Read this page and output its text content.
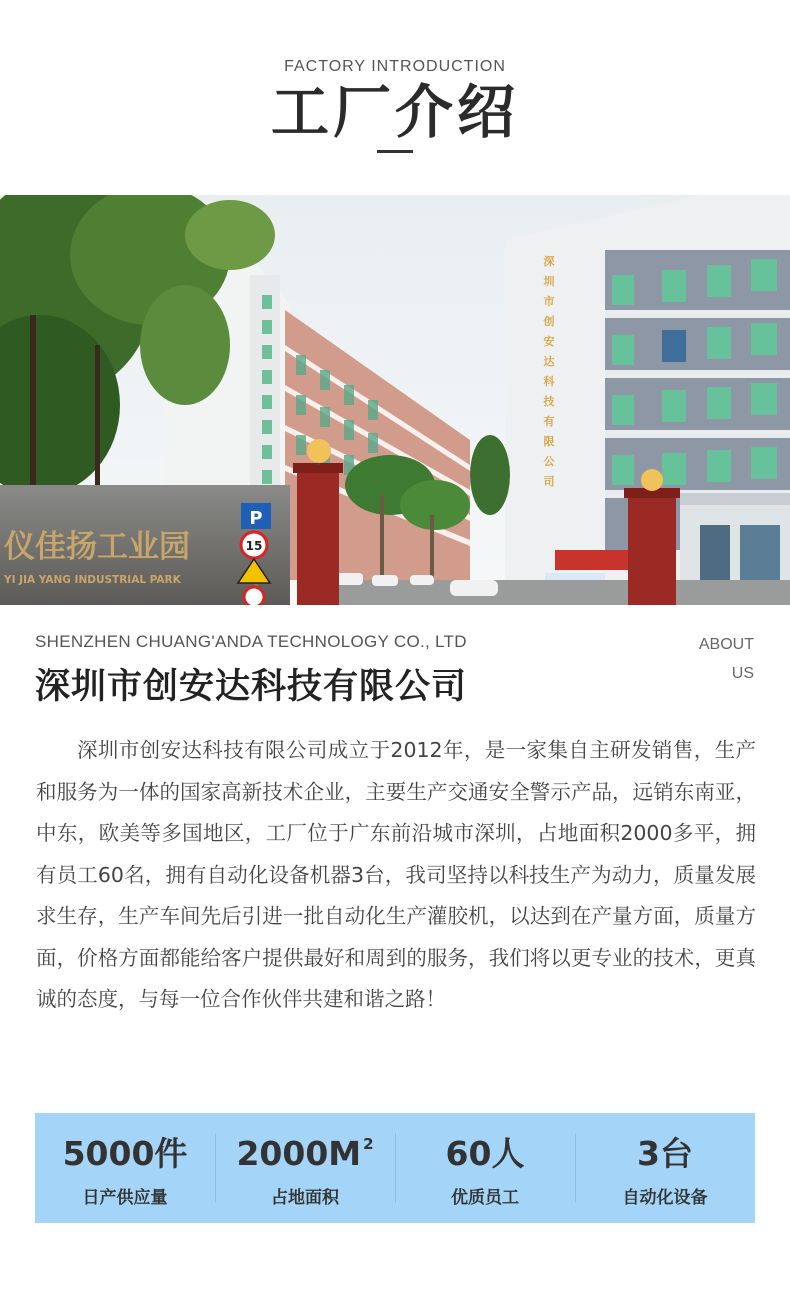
FACTORY INTRODUCTION
工厂介绍
深
圳
市
创
安
达
科
技
有
限
公
司
仪佳扬工业园
YI JIA YANG INDUSTRIAL PARK
P
15
SHENZHEN CHUANG'ANDA TECHNOLOGY CO., LTD	ABOUT
US
深圳市创安达科技有限公司

深圳市创安达科技有限公司成立于2012年，是一家集自主研发销售，生产和服务为一体的国家高新技术企业，主要生产交通安全警示产品，远销东南亚，中东，欧美等多国地区，工厂位于广东前沿城市深圳，占地面积2000多平，拥有员工60名，拥有自动化设备机器3台，我司坚持以科技生产为动力，质量发展求生存，生产车间先后引进一批自动化生产灌胶机，以达到在产量方面，质量方面，价格方面都能给客户提供最好和周到的服务，我们将以更专业的技术，更真诚的态度，与每一位合作伙伴共建和谐之路！

5000件
日产供应量
2000M $^2$
占地面积
60人
优质员工
3台
自动化设备
